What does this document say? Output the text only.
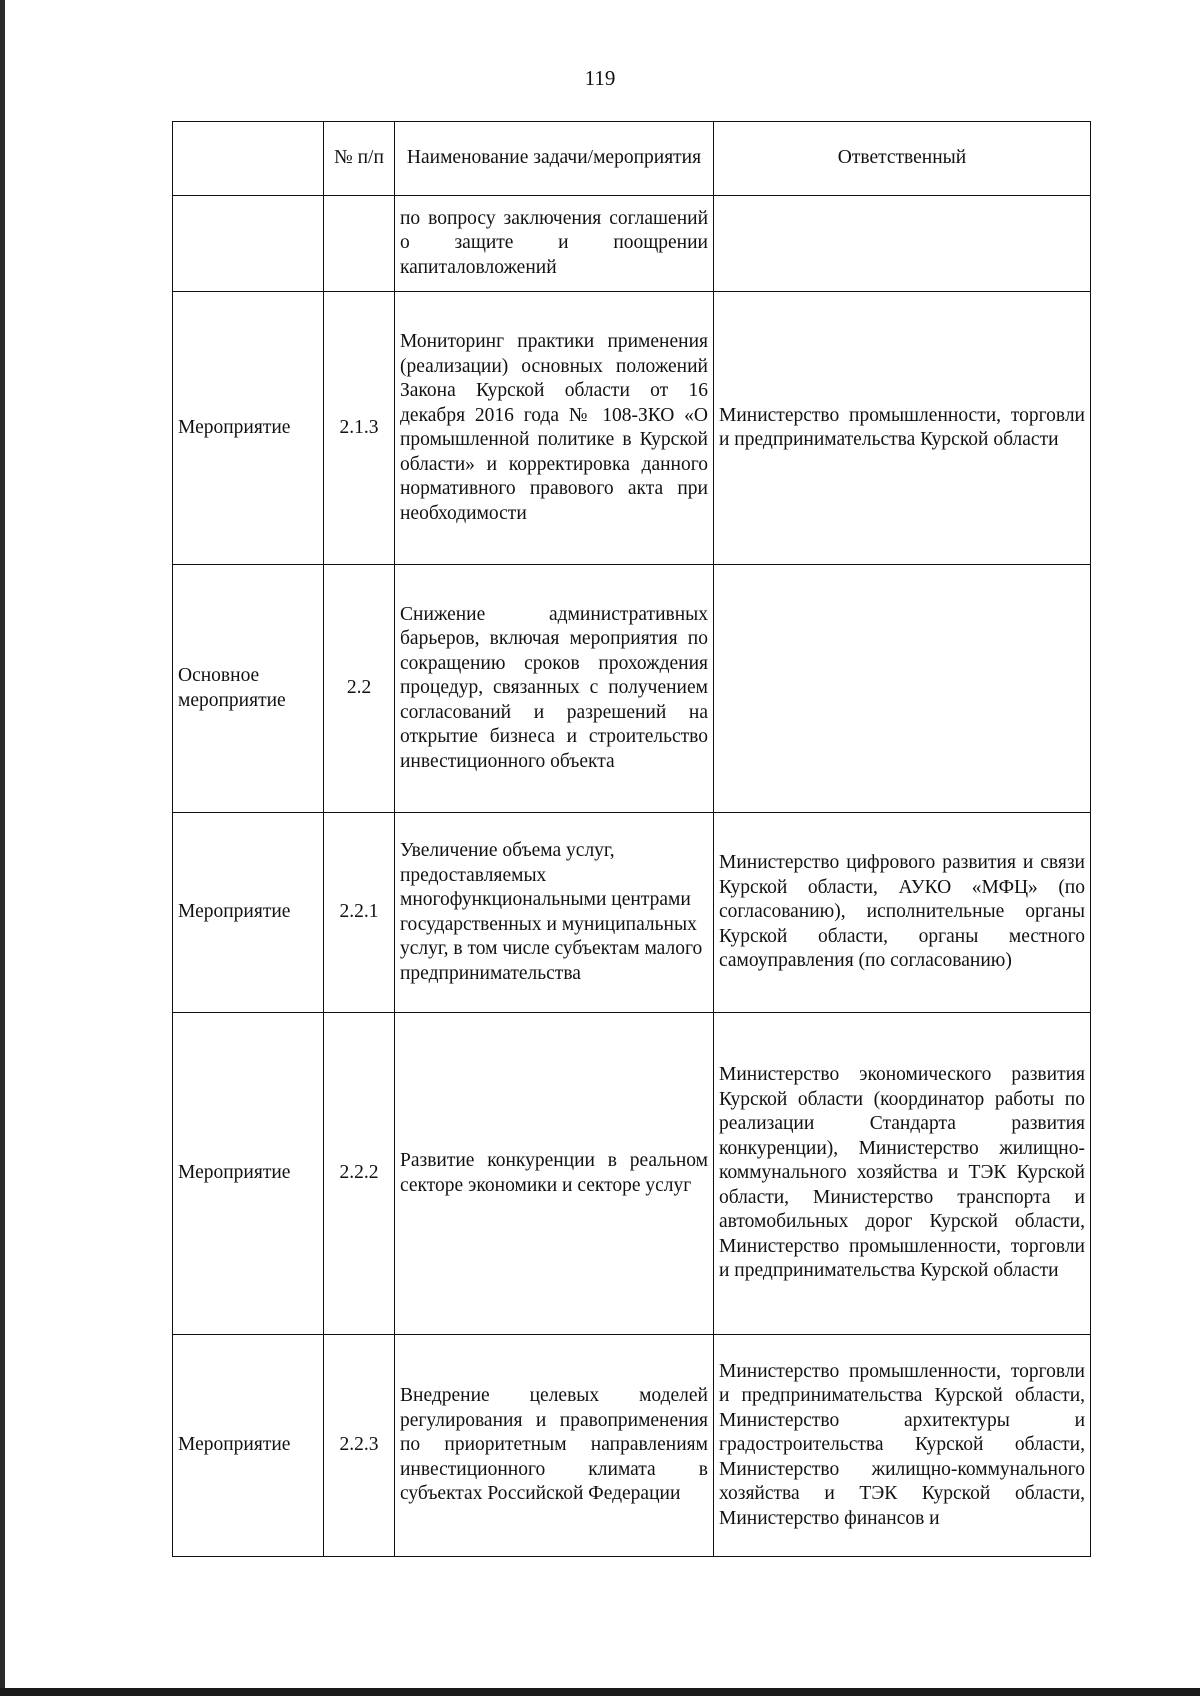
119
	№ п/п	Наименование задачи/мероприятия	Ответственный
		по вопросу заключения соглашений о защите и поощрении капиталовложений	
Мероприятие	2.1.3	Мониторинг практики применения (реализации) основных положений Закона Курской области от 16 декабря 2016 года № 108-ЗКО «О промышленной политике в Курской области» и корректировка данного нормативного правового акта при необходимости	Министерство промышленности, торговли и предпринимательства Курской области
Основное мероприятие	2.2	Снижение административных барьеров, включая мероприятия по сокращению сроков прохождения процедур, связанных с получением согласований и разрешений на открытие бизнеса и строительство инвестиционного объекта	
Мероприятие	2.2.1	Увеличение объема услуг, предоставляемых многофункциональными центрами государственных и муниципальных услуг, в том числе субъектам малого предпринимательства	Министерство цифрового развития и связи Курской области, АУКО «МФЦ» (по согласованию), исполнительные органы Курской области, органы местного самоуправления (по согласованию)
Мероприятие	2.2.2	Развитие конкуренции в реальном секторе экономики и секторе услуг	Министерство экономического развития Курской области (координатор работы по реализации Стандарта развития конкуренции), Министерство жилищно-коммунального хозяйства и ТЭК Курской области, Министерство транспорта и автомобильных дорог Курской области, Министерство промышленности, торговли и предпринимательства Курской области
Мероприятие	2.2.3	Внедрение целевых моделей регулирования и правоприменения по приоритетным направлениям инвестиционного климата в субъектах Российской Федерации	Министерство промышленности, торговли и предпринимательства Курской области, Министерство архитектуры и градостроительства Курской области, Министерство жилищно-коммунального хозяйства и ТЭК Курской области, Министерство финансов и
